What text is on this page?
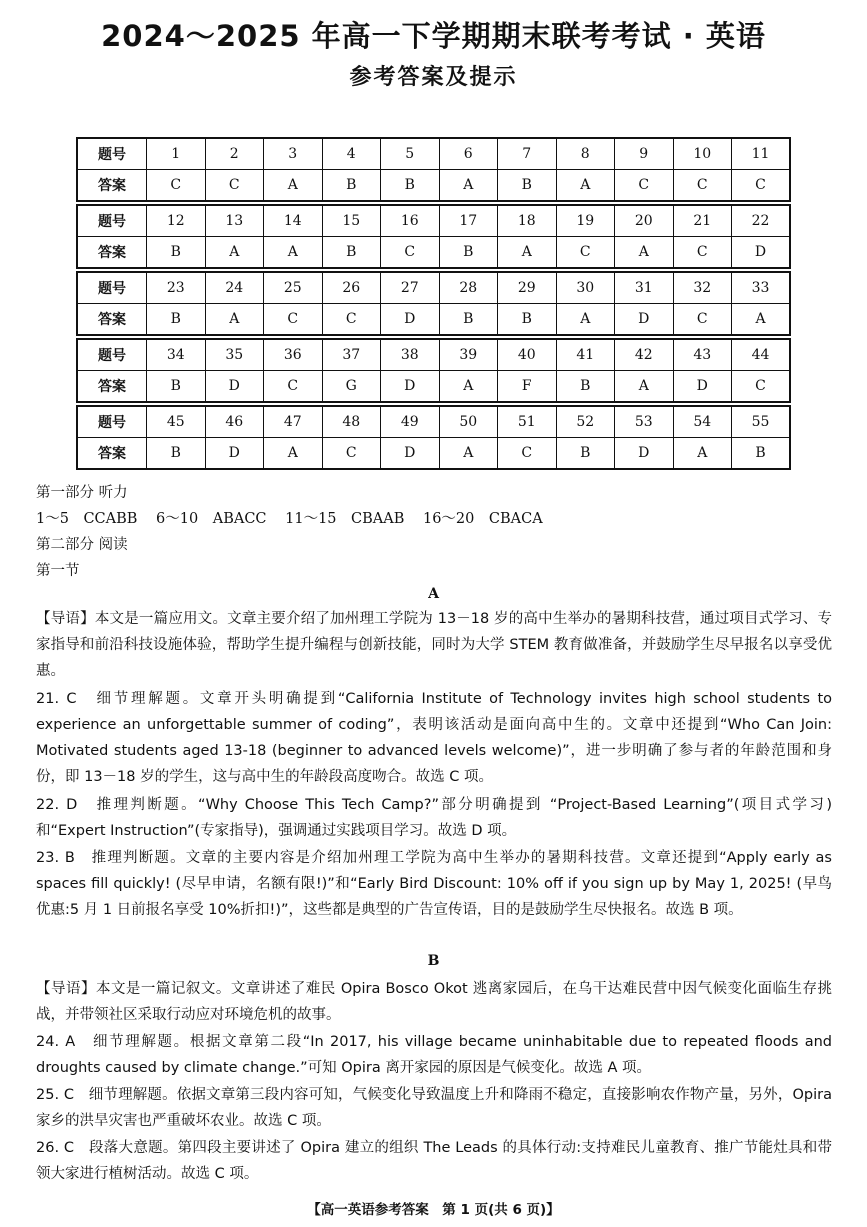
2024～2025 年高一下学期期末联考考试 · 英语
参考答案及提示
题号	1	2	3	4	5	6	7	8	9	10	11
答案	C	C	A	B	B	A	B	A	C	C	C
题号	12	13	14	15	16	17	18	19	20	21	22
答案	B	A	A	B	C	B	A	C	A	C	D
题号	23	24	25	26	27	28	29	30	31	32	33
答案	B	A	C	C	D	B	B	A	D	C	A
题号	34	35	36	37	38	39	40	41	42	43	44
答案	B	D	C	G	D	A	F	B	A	D	C
题号	45	46	47	48	49	50	51	52	53	54	55
答案	B	D	A	C	D	A	C	B	D	A	B
第一部分 听力
1～5　CCABB 6～10　ABACC 11～15　CBAAB 16～20　CBACA
第二部分 阅读
第一节
A
【导语】本文是一篇应用文。文章主要介绍了加州理工学院为 13－18 岁的高中生举办的暑期科技营，通过项目式学习、专家指导和前沿科技设施体验，帮助学生提升编程与创新技能，同时为大学 STEM 教育做准备，并鼓励学生尽早报名以享受优惠。
21. C　细节理解题。文章开头明确提到“California Institute of Technology invites high school students to experience an unforgettable summer of coding”，表明该活动是面向高中生的。文章中还提到“Who Can Join: Motivated students aged 13-18 (beginner to advanced levels welcome)”，进一步明确了参与者的年龄范围和身份，即 13－18 岁的学生，这与高中生的年龄段高度吻合。故选 C 项。
22. D　推理判断题。“Why Choose This Tech Camp?”部分明确提到 “Project-Based Learning”(项目式学习)和“Expert Instruction”(专家指导)，强调通过实践项目学习。故选 D 项。
23. B　推理判断题。文章的主要内容是介绍加州理工学院为高中生举办的暑期科技营。文章还提到“Apply early as spaces fill quickly! (尽早申请，名额有限!)”和“Early Bird Discount: 10% off if you sign up by May 1, 2025! (早鸟优惠:5 月 1 日前报名享受 10%折扣!)”，这些都是典型的广告宣传语，目的是鼓励学生尽快报名。故选 B 项。
B
【导语】本文是一篇记叙文。文章讲述了难民 Opira Bosco Okot 逃离家园后，在乌干达难民营中因气候变化面临生存挑战，并带领社区采取行动应对环境危机的故事。
24. A　细节理解题。根据文章第二段“In 2017, his village became uninhabitable due to repeated floods and droughts caused by climate change.”可知 Opira 离开家园的原因是气候变化。故选 A 项。
25. C　细节理解题。依据文章第三段内容可知，气候变化导致温度上升和降雨不稳定，直接影响农作物产量，另外，Opira 家乡的洪旱灾害也严重破坏农业。故选 C 项。
26. C　段落大意题。第四段主要讲述了 Opira 建立的组织 The Leads 的具体行动:支持难民儿童教育、推广节能灶具和带领大家进行植树活动。故选 C 项。
【高一英语参考答案　第 1 页(共 6 页)】
